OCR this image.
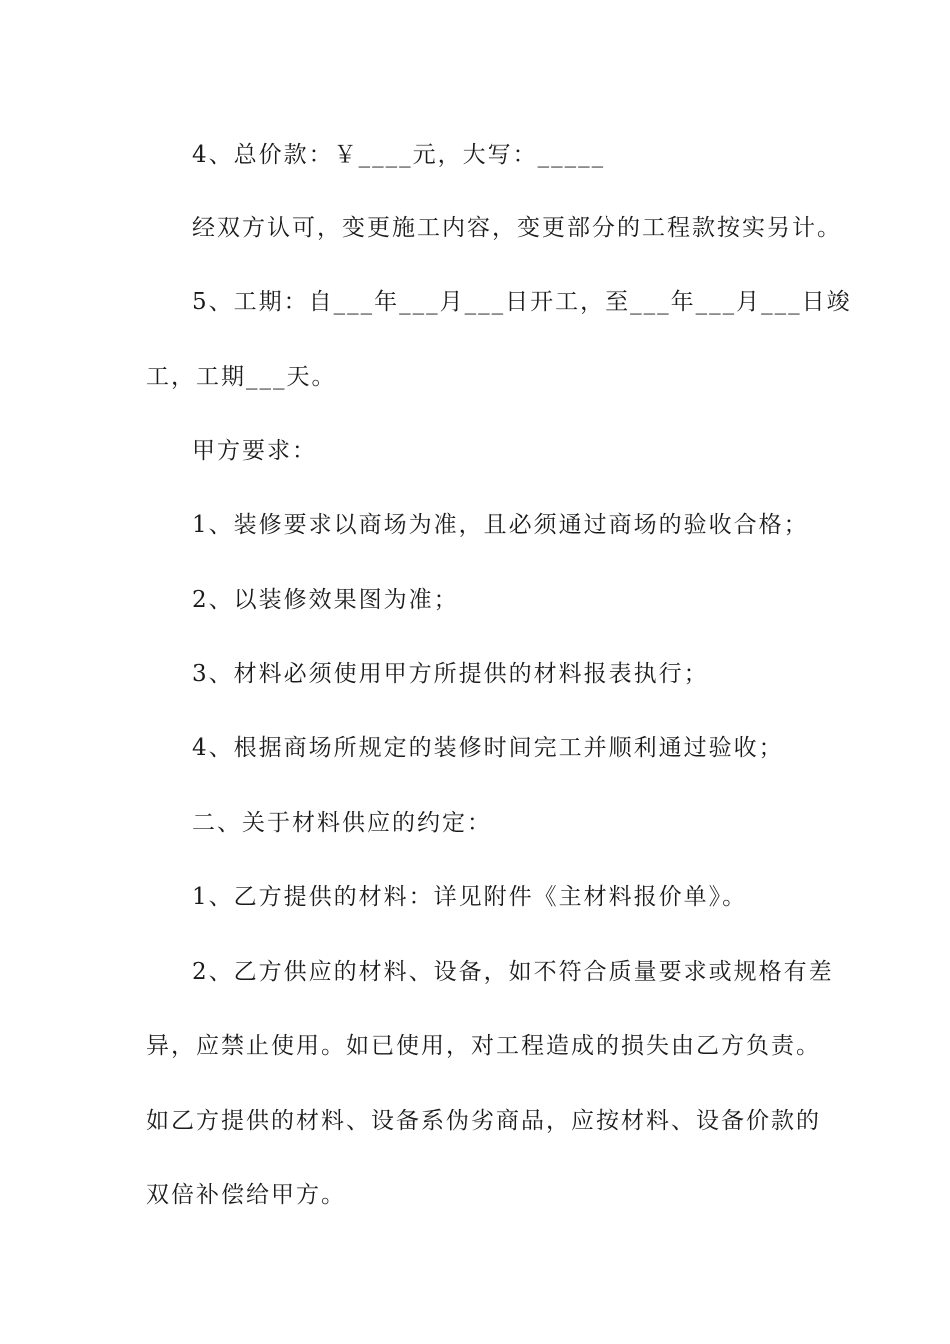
4、总价款：￥____元，大写：_____
经双方认可，变更施工内容，变更部分的工程款按实另计。
5、工期：自___年___月___日开工，至___年___月___日竣
工，工期___天。
甲方要求：
1、装修要求以商场为准，且必须通过商场的验收合格；
2、以装修效果图为准；
3、材料必须使用甲方所提供的材料报表执行；
4、根据商场所规定的装修时间完工并顺利通过验收；
二、关于材料供应的约定：
1、乙方提供的材料：详见附件《主材料报价单》。
2、乙方供应的材料、设备，如不符合质量要求或规格有差
异，应禁止使用。如已使用，对工程造成的损失由乙方负责。
如乙方提供的材料、设备系伪劣商品，应按材料、设备价款的
双倍补偿给甲方。
